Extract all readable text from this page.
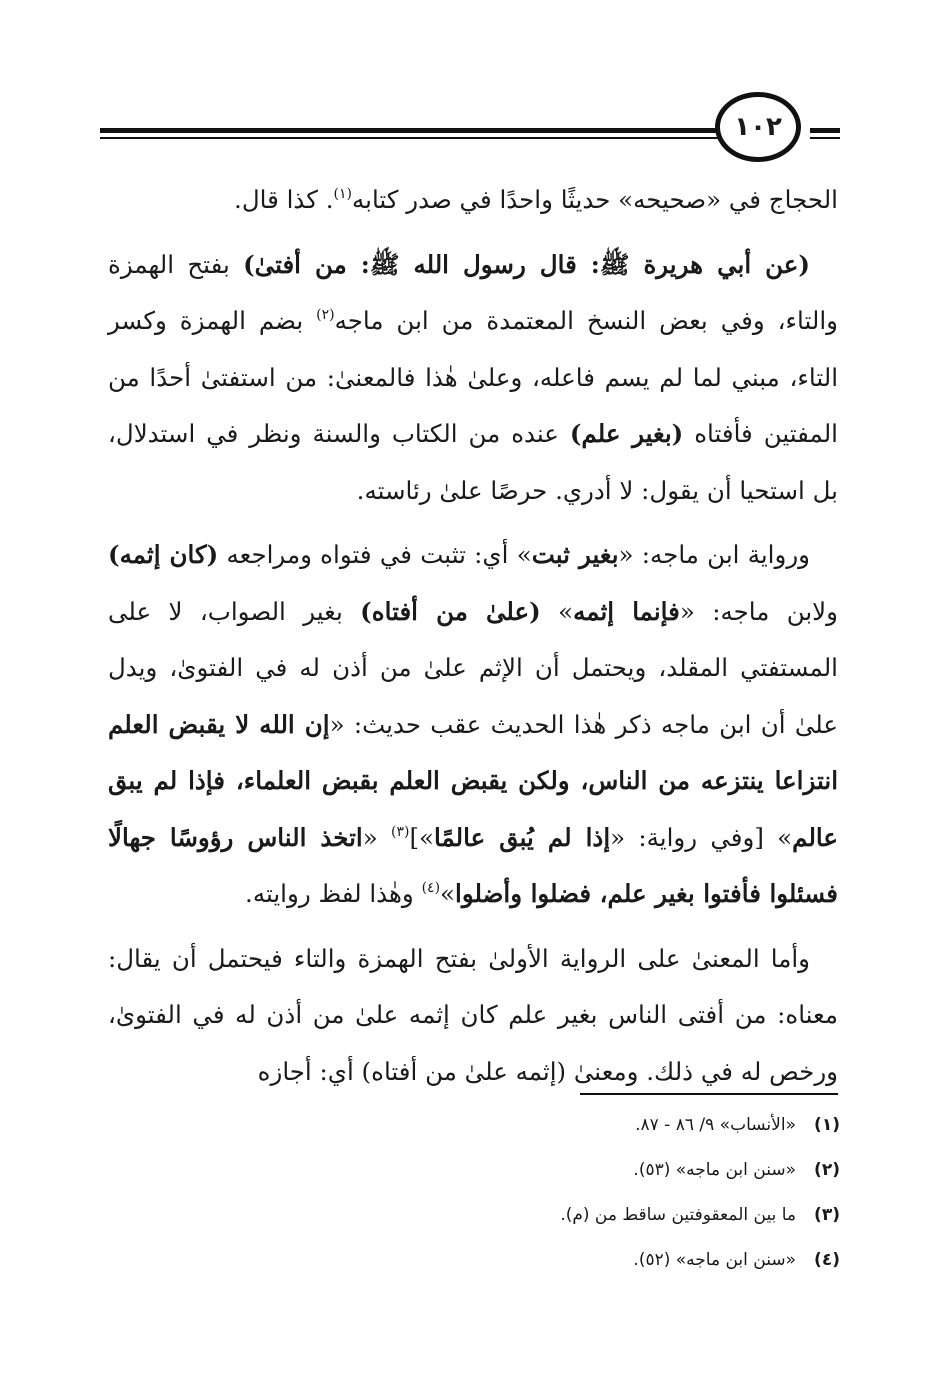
١٠٢

الحجاج في «صحيحه» حديثًا واحدًا في صدر كتابه$^{(١)}$. كذا قال.

(عن أبي هريرة ﷺ: قال رسول الله ﷺ: من أفتىٰ) بفتح الهمزة والتاء، وفي بعض النسخ المعتمدة من ابن ماجه$^{(٢)}$ بضم الهمزة وكسر التاء، مبني لما لم يسم فاعله، وعلىٰ هٰذا فالمعنىٰ: من استفتىٰ أحدًا من المفتين فأفتاه (بغير علم) عنده من الكتاب والسنة ونظر في استدلال، بل استحيا أن يقول: لا أدري. حرصًا علىٰ رئاسته.

ورواية ابن ماجه: «بغير ثبت» أي: تثبت في فتواه ومراجعه (كان إثمه) ولابن ماجه: «فإنما إثمه» (علىٰ من أفتاه) بغير الصواب، لا على المستفتي المقلد، ويحتمل أن الإثم علىٰ من أذن له في الفتوىٰ، ويدل علىٰ أن ابن ماجه ذكر هٰذا الحديث عقب حديث: «إن الله لا يقبض العلم انتزاعا ينتزعه من الناس، ولكن يقبض العلم بقبض العلماء، فإذا لم يبق عالم» [وفي رواية: «إذا لم يُبق عالمًا»]$^{(٣)}$ «اتخذ الناس رؤوسًا جهالًا فسئلوا فأفتوا بغير علم، فضلوا وأضلوا»$^{(٤)}$ وهٰذا لفظ روايته.

وأما المعنىٰ على الرواية الأولىٰ بفتح الهمزة والتاء فيحتمل أن يقال: معناه: من أفتى الناس بغير علم كان إثمه علىٰ من أذن له في الفتوىٰ، ورخص له في ذلك. ومعنىٰ (إثمه علىٰ من أفتاه) أي: أجازه

(١)
«الأنساب» ٩/ ٨٦ - ٨٧.
(٢)
«سنن ابن ماجه» (٥٣).
(٣)
ما بين المعقوفتين ساقط من (م).
(٤)
«سنن ابن ماجه» (٥٢).
